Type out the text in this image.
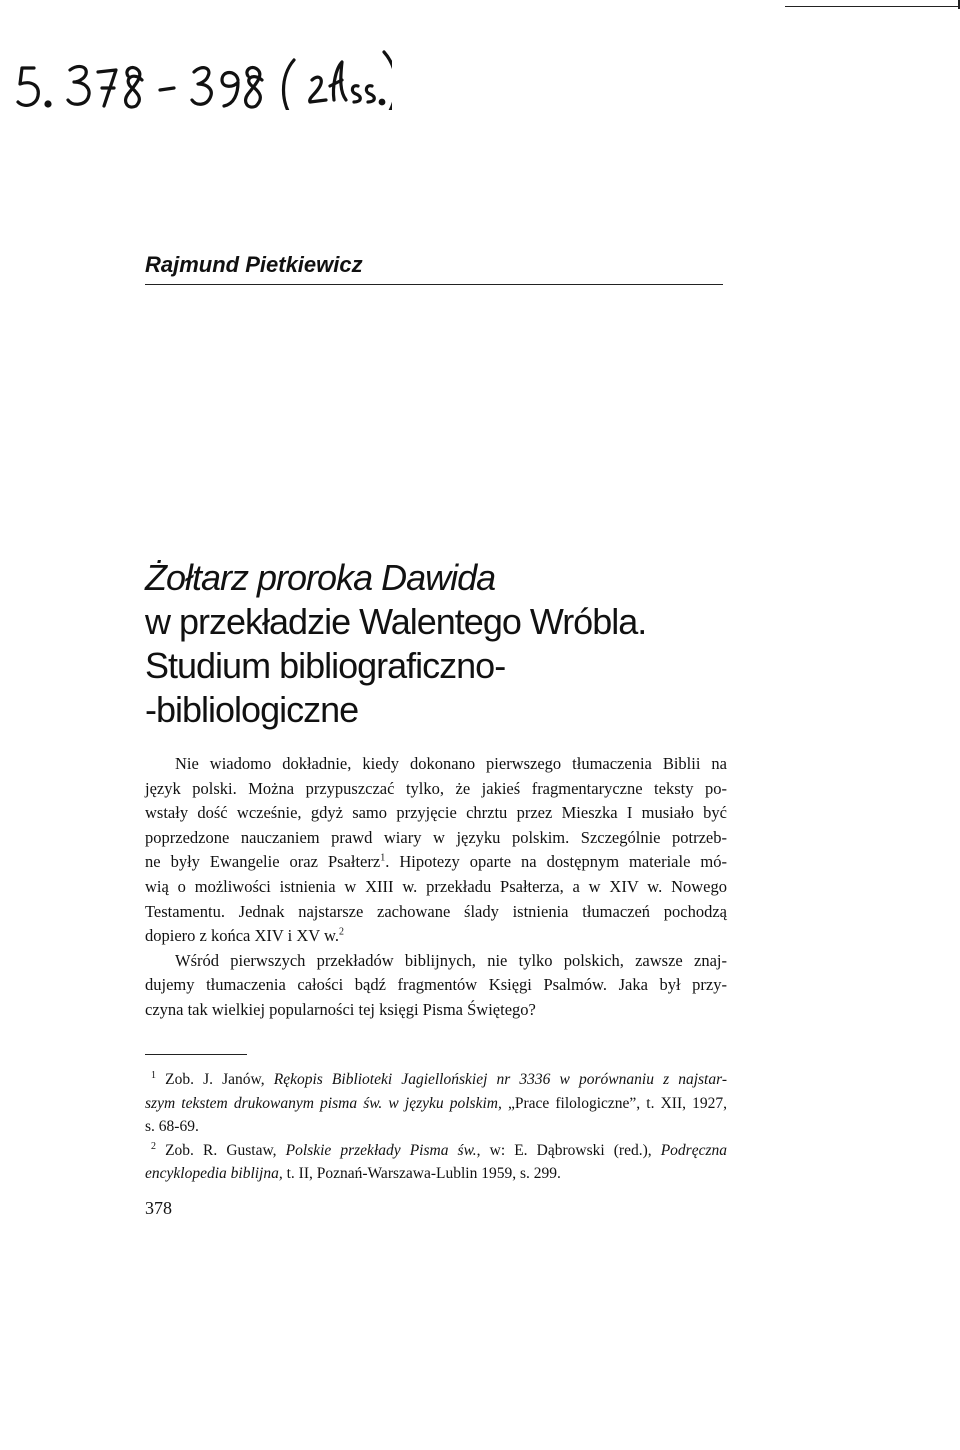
Rajmund Pietkiewicz
Żołtarz proroka Dawida
w przekładzie Walentego Wróbla.
Studium bibliograficzno-
-bibliologiczne

Nie wiadomo dokładnie, kiedy dokonano pierwszego tłumaczenia Biblii na
język polski. Można przypuszczać tylko, że jakieś fragmentaryczne teksty po-
wstały dość wcześnie, gdyż samo przyjęcie chrztu przez Mieszka I musiało być
poprzedzone nauczaniem prawd wiary w języku polskim. Szczególnie potrzeb-
ne były Ewangelie oraz Psałterz$^1$. Hipotezy oparte na dostępnym materiale mó-
wią o możliwości istnienia w XIII w. przekładu Psałterza, a w XIV w. Nowego
Testamentu. Jednak najstarsze zachowane ślady istnienia tłumaczeń pochodzą
dopiero z końca XIV i XV w.$^2$

Wśród pierwszych przekładów biblijnych, nie tylko polskich, zawsze znaj-
dujemy tłumaczenia całości bądź fragmentów Księgi Psalmów. Jaka był przy-
czyna tak wielkiej popularności tej księgi Pisma Świętego?

$^1$ Zob. J. Janów, Rękopis Biblioteki Jagiellońskiej nr 3336 w porównaniu z najstar-
szym tekstem drukowanym pisma św. w języku polskim, „Prace filologiczne”, t. XII, 1927,
s. 68-69.
$^2$ Zob. R. Gustaw, Polskie przekłady Pisma św., w: E. Dąbrowski (red.), Podręczna
encyklopedia biblijna, t. II, Poznań-Warszawa-Lublin 1959, s. 299.
378
